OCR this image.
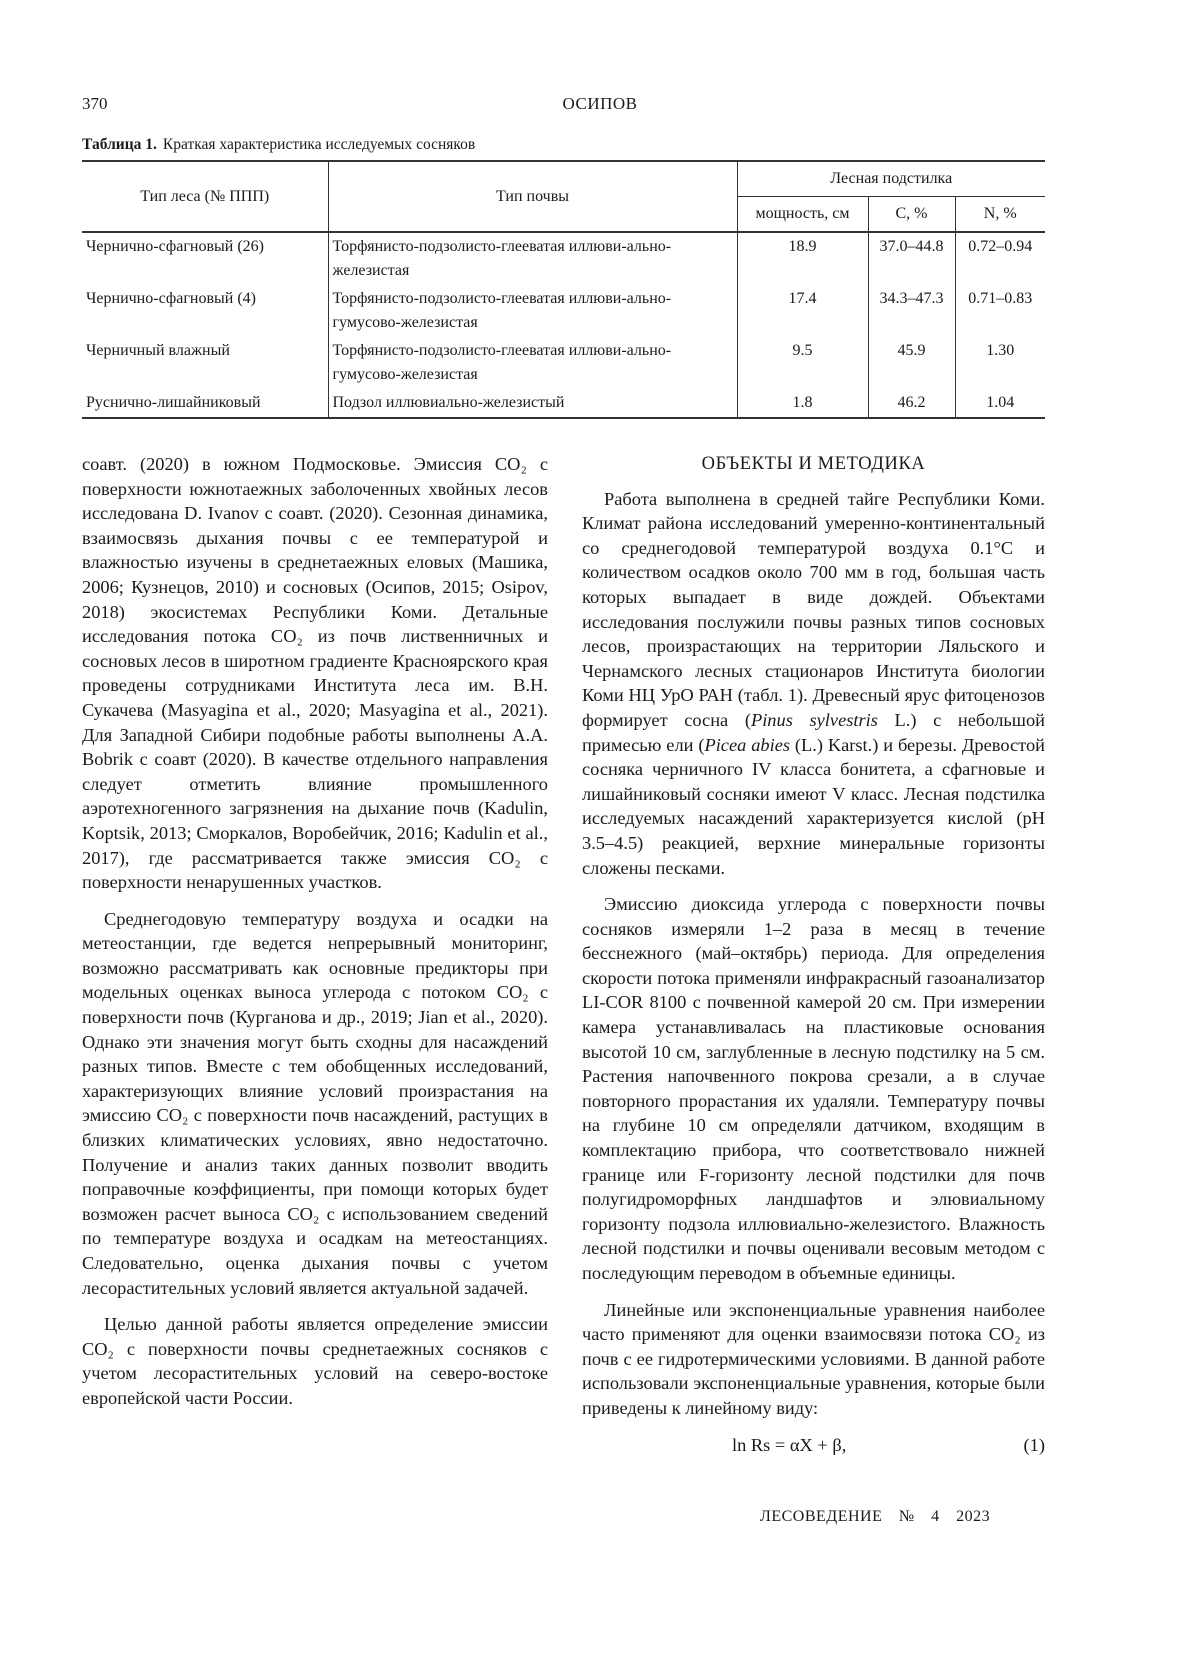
370	ОСИПОВ
Таблица 1. Краткая характеристика исследуемых сосняков
Тип леса (№ ППП)	Тип почвы	Лесная подстилка
мощность, см	С, %	N, %
Чернично-сфагновый (26)	Торфянисто-подзолисто-глееватая иллюви-ально-железистая	18.9	37.0–44.8	0.72–0.94
Чернично-сфагновый (4)	Торфянисто-подзолисто-глееватая иллюви-ально-гумусово-железистая	17.4	34.3–47.3	0.71–0.83
Черничный влажный	Торфянисто-подзолисто-глееватая иллюви-ально-гумусово-железистая	9.5	45.9	1.30
Руснично-лишайниковый	Подзол иллювиально-железистый	1.8	46.2	1.04

соавт. (2020) в южном Подмосковье. Эмиссия CO₂ с поверхности южнотаежных заболоченных хвойных лесов исследована D. Ivanov с соавт. (2020). Сезонная динамика, взаимосвязь дыхания почвы с ее температурой и влажностью изучены в среднетаежных еловых (Машика, 2006; Кузнецов, 2010) и сосновых (Осипов, 2015; Osipov, 2018) экосистемах Республики Коми. Детальные исследования потока CO₂ из почв лиственничных и сосновых лесов в широтном градиенте Красноярского края проведены сотрудниками Института леса им. В.Н. Сукачева (Masyagina et al., 2020; Masyagina et al., 2021). Для Западной Сибири подобные работы выполнены A.A. Bobrik с соавт (2020). В качестве отдельного направления следует отметить влияние промышленного аэротехногенного загрязнения на дыхание почв (Kadulin, Koptsik, 2013; Сморкалов, Воробейчик, 2016; Kadulin et al., 2017), где рассматривается также эмиссия CO₂ с поверхности ненарушенных участков.

Среднегодовую температуру воздуха и осадки на метеостанции, где ведется непрерывный мониторинг, возможно рассматривать как основные предикторы при модельных оценках выноса углерода с потоком CO₂ с поверхности почв (Курганова и др., 2019; Jian et al., 2020). Однако эти значения могут быть сходны для насаждений разных типов. Вместе с тем обобщенных исследований, характеризующих влияние условий произрастания на эмиссию CO₂ с поверхности почв насаждений, растущих в близких климатических условиях, явно недостаточно. Получение и анализ таких данных позволит вводить поправочные коэффициенты, при помощи которых будет возможен расчет выноса CO₂ с использованием сведений по температуре воздуха и осадкам на метеостанциях. Следовательно, оценка дыхания почвы с учетом лесорастительных условий является актуальной задачей.

Целью данной работы является определение эмиссии CO₂ с поверхности почвы среднетаежных сосняков с учетом лесорастительных условий на северо-востоке европейской части России.

ОБЪЕКТЫ И МЕТОДИКА

Работа выполнена в средней тайге Республики Коми. Климат района исследований умеренно-континентальный со среднегодовой температурой воздуха 0.1°C и количеством осадков около 700 мм в год, большая часть которых выпадает в виде дождей. Объектами исследования послужили почвы разных типов сосновых лесов, произрастающих на территории Ляльского и Чернамского лесных стационаров Института биологии Коми НЦ УрО РАН (табл. 1). Древесный ярус фитоценозов формирует сосна (Pinus sylvestris L.) с небольшой примесью ели (Picea abies (L.) Karst.) и березы. Древостой сосняка черничного IV класса бонитета, а сфагновые и лишайниковый сосняки имеют V класс. Лесная подстилка исследуемых насаждений характеризуется кислой (pH 3.5–4.5) реакцией, верхние минеральные горизонты сложены песками.

Эмиссию диоксида углерода с поверхности почвы сосняков измеряли 1–2 раза в месяц в течение бесснежного (май–октябрь) периода. Для определения скорости потока применяли инфракрасный газоанализатор LI-COR 8100 с почвенной камерой 20 см. При измерении камера устанавливалась на пластиковые основания высотой 10 см, заглубленные в лесную подстилку на 5 см. Растения напочвенного покрова срезали, а в случае повторного прорастания их удаляли. Температуру почвы на глубине 10 см определяли датчиком, входящим в комплектацию прибора, что соответствовало нижней границе или F-горизонту лесной подстилки для почв полугидроморфных ландшафтов и элювиальному горизонту подзола иллювиально-железистого. Влажность лесной подстилки и почвы оценивали весовым методом с последующим переводом в объемные единицы.

Линейные или экспоненциальные уравнения наиболее часто применяют для оценки взаимосвязи потока CO₂ из почв с ее гидротермическими условиями. В данной работе использовали экспоненциальные уравнения, которые были приведены к линейному виду:

ln Rs = αX + β,	(1)
ЛЕСОВЕДЕНИЕ № 4 2023
